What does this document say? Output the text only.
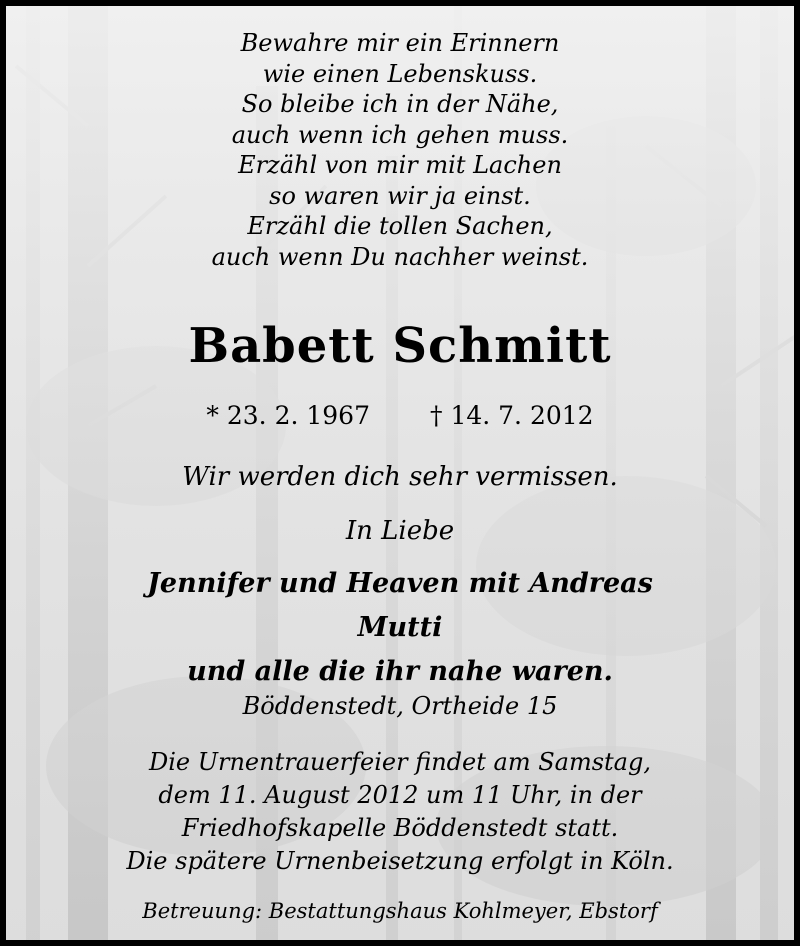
Bewahre mir ein Erinnern
wie einen Lebenskuss.
So bleibe ich in der Nähe,
auch wenn ich gehen muss.
Erzähl von mir mit Lachen
so waren wir ja einst.
Erzähl die tollen Sachen,
auch wenn Du nachher weinst.
Babett Schmitt
* 23. 2. 1967 † 14. 7. 2012
Wir werden dich sehr vermissen.
In Liebe
Jennifer und Heaven mit Andreas
Mutti
und alle die ihr nahe waren.
Böddenstedt, Ortheide 15
Die Urnentrauerfeier findet am Samstag,
dem 11. August 2012 um 11 Uhr, in der
Friedhofskapelle Böddenstedt statt.
Die spätere Urnenbeisetzung erfolgt in Köln.
Betreuung: Bestattungshaus Kohlmeyer, Ebstorf
